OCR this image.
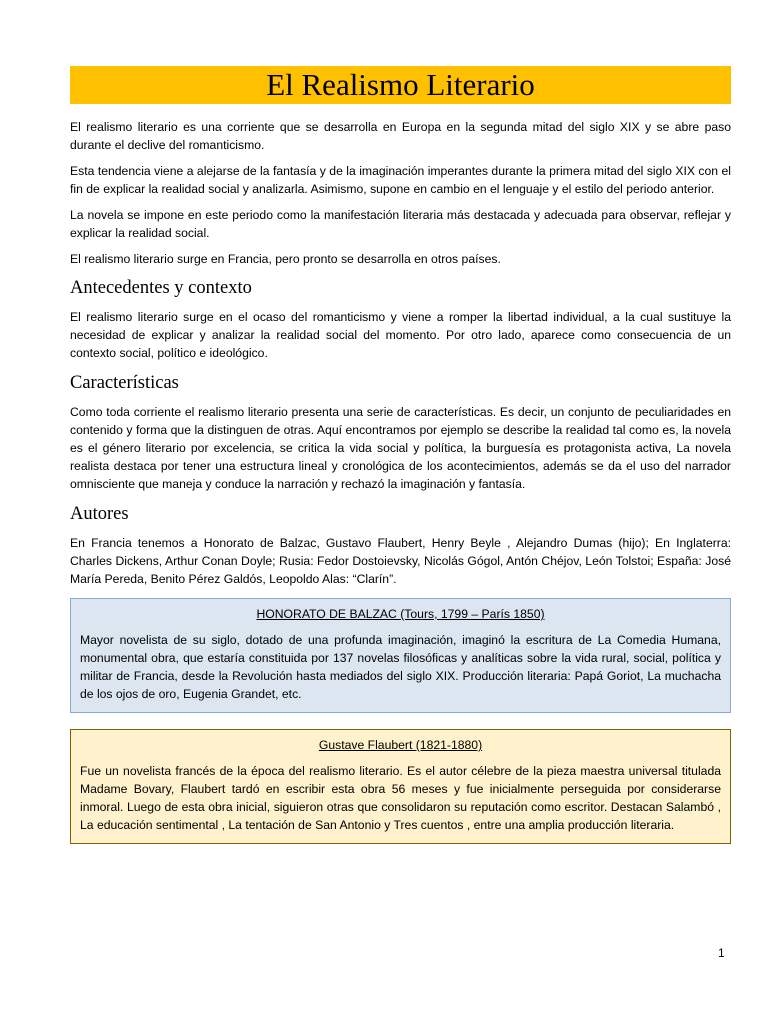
El Realismo Literario

El realismo literario es una corriente que se desarrolla en Europa en la segunda mitad del siglo XIX y se abre paso durante el declive del romanticismo.

Esta tendencia viene a alejarse de la fantasía y de la imaginación imperantes durante la primera mitad del siglo XIX con el fin de explicar la realidad social y analizarla. Asimismo, supone en cambio en el lenguaje y el estilo del periodo anterior.

La novela se impone en este periodo como la manifestación literaria más destacada y adecuada para observar, reflejar y explicar la realidad social.

El realismo literario surge en Francia, pero pronto se desarrolla en otros países.

Antecedentes y contexto

El realismo literario surge en el ocaso del romanticismo y viene a romper la libertad individual, a la cual sustituye la necesidad de explicar y analizar la realidad social del momento. Por otro lado, aparece como consecuencia de un contexto social, político e ideológico.

Características

Como toda corriente el realismo literario presenta una serie de características. Es decir, un conjunto de peculiaridades en contenido y forma que la distinguen de otras. Aquí encontramos por ejemplo se describe la realidad tal como es, la novela es el género literario por excelencia, se critica la vida social y política, la burguesía es protagonista activa, La novela realista destaca por tener una estructura lineal y cronológica de los acontecimientos, además se da el uso del narrador omnisciente que maneja y conduce la narración y rechazó la imaginación y fantasía.

Autores

En Francia tenemos a Honorato de Balzac, Gustavo Flaubert, Henry Beyle , Alejandro Dumas (hijo); En Inglaterra: Charles Dickens, Arthur Conan Doyle; Rusia: Fedor Dostoievsky, Nicolás Gógol, Antón Chéjov, León Tolstoi; España: José María Pereda, Benito Pérez Galdós, Leopoldo Alas: “Clarín”.

HONORATO DE BALZAC (Tours, 1799 – París 1850)

Mayor novelista de su siglo, dotado de una profunda imaginación, imaginó la escritura de La Comedia Humana, monumental obra, que estaría constituida por 137 novelas filosóficas y analíticas sobre la vida rural, social, política y militar de Francia, desde la Revolución hasta mediados del siglo XIX. Producción literaria: Papá Goriot, La muchacha de los ojos de oro, Eugenia Grandet, etc.

Gustave Flaubert (1821-1880)

Fue un novelista francés de la época del realismo literario. Es el autor célebre de la pieza maestra universal titulada Madame Bovary, Flaubert tardó en escribir esta obra 56 meses y fue inicialmente perseguida por considerarse inmoral. Luego de esta obra inicial, siguieron otras que consolidaron su reputación como escritor. Destacan Salambó , La educación sentimental , La tentación de San Antonio y Tres cuentos , entre una amplia producción literaria.

1
